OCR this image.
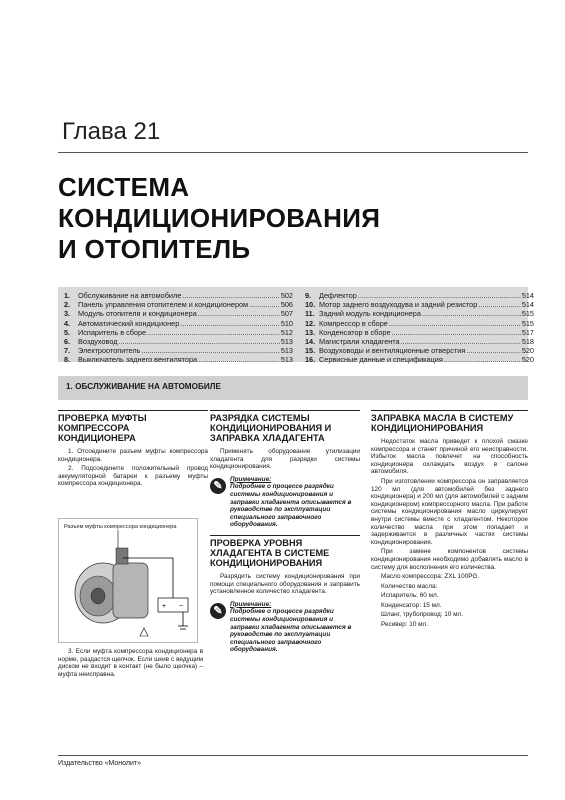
Глава 21
СИСТЕМА
КОНДИЦИОНИРОВАНИЯ
И ОТОПИТЕЛЬ
1.	Обслуживание на автомобиле .....	502
2.	Панель управления отопителем и кондиционером .....	506
3.	Модуль отопителя и кондиционера .....	507
4.	Автоматический кондиционер .....	510
5.	Испаритель в сборе .....	512
6.	Воздуховод .....	513
7.	Электроотопитель .....	513
8.	Выключатель заднего вентилятора .....	513
9.	Дефлектор .....	514
10. Мотор заднего воздуходува и задний резистор .....	514
11. Задний модуль кондиционера .....	515
12. Компрессор в сборе .....	515
13. Конденсатор в сборе .....	517
14. Магистрали хладагента .....	518
15. Воздуховоды и вентиляционные отверстия .....	520
16. Сервисные данные и спецификация .....	520
1. ОБСЛУЖИВАНИЕ НА АВТОМОБИЛЕ
ПРОВЕРКА МУФТЫ КОМПРЕССОРА КОНДИЦИОНЕРА

1. Отсоедините разъем муфты компрессора кондиционера.

2. Подсоедините положительный провод аккумуляторной батареи к разъему муфты компрессора кондиционера.

+ −
Разъем муфты компрессора кондиционера

3. Если муфта компрессора кондиционера в норме, раздастся щелчок. Если шкив с ведущим диском не входит в контакт (не было щелчка) – муфта неисправна.

РАЗРЯДКА СИСТЕМЫ КОНДИЦИОНИРОВАНИЯ И ЗАПРАВКА ХЛАДАГЕНТА

Применять оборудование утилизации хладагента для разрядки системы кондиционирования.

✎
Примечание:
Подробнее о процессе разрядки системы кондиционирования и заправки хладагента описывается в руководстве по эксплуатации специального заправочного оборудования.
ПРОВЕРКА УРОВНЯ ХЛАДАГЕНТА В СИСТЕМЕ КОНДИЦИОНИРОВАНИЯ

Разрядить систему кондиционирования при помощи специального оборудования и заправить установленное количество хладагента.

✎
Примечание:
Подробнее о процессе разрядки системы кондиционирования и заправки хладагента описывается в руководстве по эксплуатации специального заправочного оборудования.
ЗАПРАВКА МАСЛА В СИСТЕМУ КОНДИЦИОНИРОВАНИЯ

Недостаток масла приведет к плохой смазке компрессора и станет причиной его неисправности. Избыток масла повлечет на способность кондиционера охлаждать воздух в салоне автомобиля.

При изготовлении компрессора он заправляется 120 мл (для автомобилей без заднего кондиционера) и 200 мл (для автомобилей с задним кондиционером) компрессорного масла. При работе системы кондиционирования масло циркулирует внутри системы вместе с хладагентом. Некоторое количество масла при этом попадает и задерживается в различных частях системы кондиционирования.

При замене компонентов системы кондиционирования необходимо добавлять масло в систему для восполнения его количества.

Масло компрессора: ZXL 100PG.

Количество масла:

Испаритель: 60 мл.

Конденсатор: 15 мл.

Шланг, трубопровод: 10 мл.

Ресивер: 10 мл.

Издательство «Монолит»
